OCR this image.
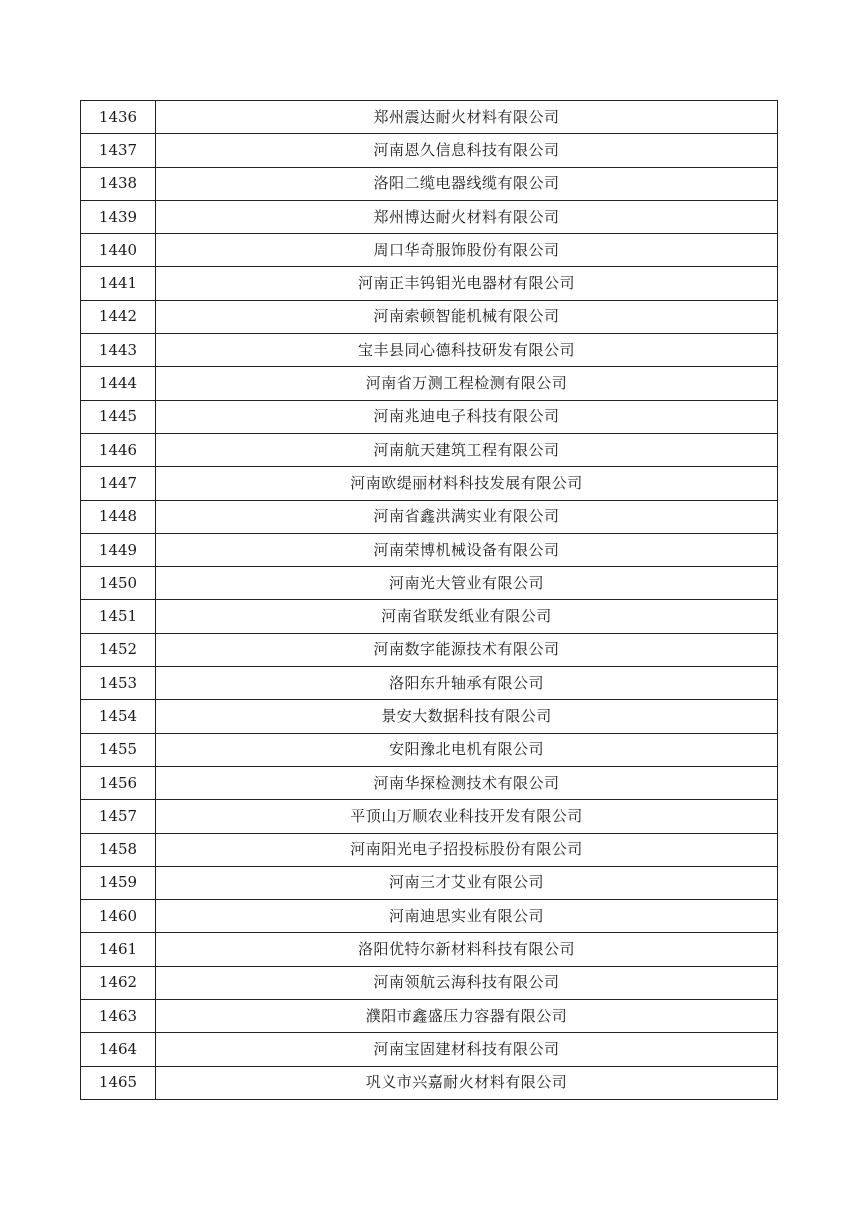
1436	郑州震达耐火材料有限公司
1437	河南恩久信息科技有限公司
1438	洛阳二缆电器线缆有限公司
1439	郑州博达耐火材料有限公司
1440	周口华奇服饰股份有限公司
1441	河南正丰钨钼光电器材有限公司
1442	河南索顿智能机械有限公司
1443	宝丰县同心德科技研发有限公司
1444	河南省万测工程检测有限公司
1445	河南兆迪电子科技有限公司
1446	河南航天建筑工程有限公司
1447	河南欧缇丽材料科技发展有限公司
1448	河南省鑫洪满实业有限公司
1449	河南荣博机械设备有限公司
1450	河南光大管业有限公司
1451	河南省联发纸业有限公司
1452	河南数字能源技术有限公司
1453	洛阳东升轴承有限公司
1454	景安大数据科技有限公司
1455	安阳豫北电机有限公司
1456	河南华探检测技术有限公司
1457	平顶山万顺农业科技开发有限公司
1458	河南阳光电子招投标股份有限公司
1459	河南三才艾业有限公司
1460	河南迪思实业有限公司
1461	洛阳优特尔新材料科技有限公司
1462	河南领航云海科技有限公司
1463	濮阳市鑫盛压力容器有限公司
1464	河南宝固建材科技有限公司
1465	巩义市兴嘉耐火材料有限公司
